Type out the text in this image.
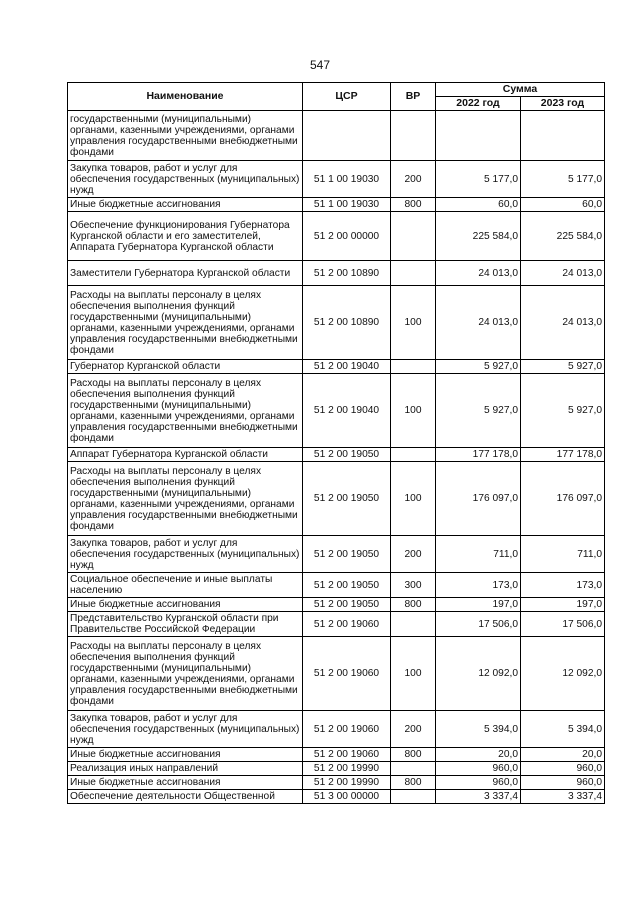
547
Наименование	ЦСР	ВР	Сумма	
			2022 год	2023 год
государственными (муниципальными) органами, казенными учреждениями, органами управления государственными внебюджетными фондами				
Закупка товаров, работ и услуг для обеспечения государственных (муниципальных) нужд	51 1 00 19030	200	5 177,0	5 177,0
Иные бюджетные ассигнования	51 1 00 19030	800	60,0	60,0
Обеспечение функционирования Губернатора Курганской области и его заместителей, Аппарата Губернатора Курганской области	51 2 00 00000		225 584,0	225 584,0
Заместители Губернатора Курганской области	51 2 00 10890		24 013,0	24 013,0
Расходы на выплаты персоналу в целях обеспечения выполнения функций государственными (муниципальными) органами, казенными учреждениями, органами управления государственными внебюджетными фондами	51 2 00 10890	100	24 013,0	24 013,0
Губернатор Курганской области	51 2 00 19040		5 927,0	5 927,0
Расходы на выплаты персоналу в целях обеспечения выполнения функций государственными (муниципальными) органами, казенными учреждениями, органами управления государственными внебюджетными фондами	51 2 00 19040	100	5 927,0	5 927,0
Аппарат Губернатора Курганской области	51 2 00 19050		177 178,0	177 178,0
Расходы на выплаты персоналу в целях обеспечения выполнения функций государственными (муниципальными) органами, казенными учреждениями, органами управления государственными внебюджетными фондами	51 2 00 19050	100	176 097,0	176 097,0
Закупка товаров, работ и услуг для обеспечения государственных (муниципальных) нужд	51 2 00 19050	200	711,0	711,0
Социальное обеспечение и иные выплаты населению	51 2 00 19050	300	173,0	173,0
Иные бюджетные ассигнования	51 2 00 19050	800	197,0	197,0
Представительство Курганской области при Правительстве Российской Федерации	51 2 00 19060		17 506,0	17 506,0
Расходы на выплаты персоналу в целях обеспечения выполнения функций государственными (муниципальными) органами, казенными учреждениями, органами управления государственными внебюджетными фондами	51 2 00 19060	100	12 092,0	12 092,0
Закупка товаров, работ и услуг для обеспечения государственных (муниципальных) нужд	51 2 00 19060	200	5 394,0	5 394,0
Иные бюджетные ассигнования	51 2 00 19060	800	20,0	20,0
Реализация иных направлений	51 2 00 19990		960,0	960,0
Иные бюджетные ассигнования	51 2 00 19990	800	960,0	960,0
Обеспечение деятельности Общественной	51 3 00 00000		3 337,4	3 337,4
